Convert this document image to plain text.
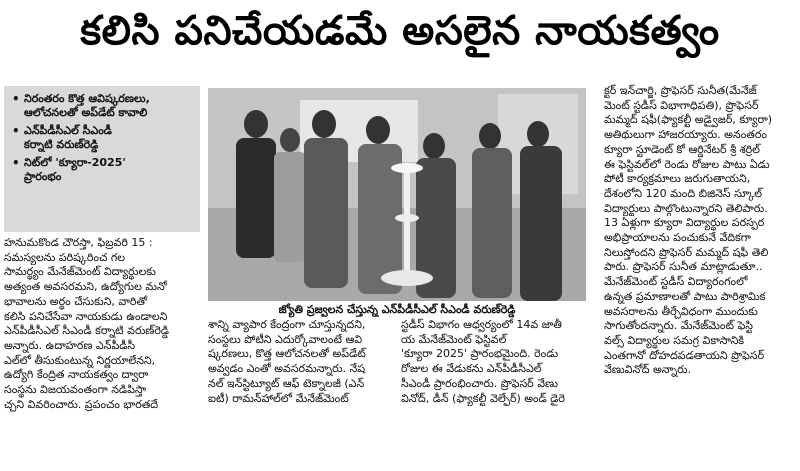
కలిసి పనిచేయడమే అసలైన నాయకత్వం
• నిరంతరం కొత్త ఆవిష్కరణలు,
ఆలోచనలతో అప్‌డేట్ కావాలి
• ఎన్‌పీడీసీఎల్ సీఎండీ
కర్నాటి వరుణ్‌రెడ్డి
• నిట్‌లో 'క్యూరా-2025'
ప్రారంభం
జ్యోతి ప్రజ్వలన చేస్తున్న ఎన్‌పీడీసీఎల్ సీఎండీ వరుణ్‌రెడ్డి
హనుమకొండ చౌరస్తా, ఫిబ్రవరి 15 :
సమస్యలను పరిష్కరించ గల
సామర్థ్యం మేనేజ్‌మెంట్ విద్యార్థులకు
అత్యంత అవసరమని, ఉద్యోగుల మనో
భావాలను అర్థం చేసుకుని, వారితో
కలిసి పనిచేసేవా నాయకుడు ఉండాలని
ఎన్‌పీడీసీఎల్ సీఎండీ కర్నాటి వరుణ్‌రెడ్డి
అన్నారు. ఉదాహరణ ఎన్‌పీడీసీ
ఎల్‌లో తీసుకుంటున్న నిర్ణయాలేనని,
ఉద్యోగి కేంద్రిత నాయకత్వం ద్వారా
సంస్థను విజయవంతంగా నడిపిస్తా
చ్చని వివరించారు. ప్రపంచం భారతదే
శాన్ని వ్యాపార కేంద్రంగా చూస్తున్నదని,
సంస్థలు పోటీని ఎదుర్కోవాలంటే ఆవి
ష్కరణలు, కొత్త ఆలోచనలతో అప్‌డేట్
అవ్వడం ఎంతో అవసరమన్నారు. నేష
నల్ ఇన్‌స్టిట్యూట్ ఆఫ్ టెక్నాలజీ (ఎన్
ఐటీ) రామన్‌హాల్‌లో మేనేజ్‌మెంట్
స్టడీస్ విభాగం ఆధ్వర్యంలో 14వ జాతీ
య మేనేజ్‌మెంట్ ఫెస్టివల్
'క్యూరా 2025' ప్రారంభమైంది. రెండు
రోజుల ఈ వేడుకను ఎన్‌పీడీసీఎల్
సీఎండీ ప్రారంభించారు. ప్రొఫెసర్ వేణు
వినోద్, డీన్ (ఫ్యాకల్టీ వెల్ఫేర్) అండ్ డైరె
క్టర్ ఇన్‌చార్జి, ప్రొఫెసర్ సునీత(మేనేజ్
మెంట్ స్టడీస్ విభాగాధిపతి), ప్రొఫెసర్
మమ్మద్ షఫీ(ఫ్యాకల్టీ అడ్వైజర్, క్యూరా)
అతిథులుగా హాజరయ్యారు. అనంతరం
క్యూరా స్టూడెంట్ కో ఆర్డినేటర్ శ్రీ శర్రిల్
ఈ ఫెస్టివల్‌లో రెండు రోజుల పాటు ఏడు
పోటీ కార్యక్రమాలు జరుగుతాయని,
దేశంలోని 120 మంది బిజినెస్ స్కూల్
విద్యార్థులు పాల్గొంటున్నారని తెలిపారు.
13 ఏళ్లుగా క్యూరా విద్యార్థుల పరస్పర
అభిప్రాయాలను పంచుకునే వేదికగా
నిలుస్తోందని ప్రొఫెసర్ మమ్మద్ షఫీ తెలి
పారు. ప్రొఫెసర్ సునీత మాట్లాడుతూ..
మేనేజ్‌మెంట్ స్టడీస్ విద్యారంగంలో
ఉన్నత ప్రమాణాలతో పాటు పారిశ్రామిక
అవసరాలను తీర్చేవిధంగా ముందుకు
సాగుతోందన్నారు. మేనేజ్‌మెంట్ ఫెస్టి
వల్స్ విద్యార్థుల సమగ్ర వికాసానికి
ఎంతగానో దోహదపడతాయని ప్రొఫెసర్
వేణువినోద్ అన్నారు.
